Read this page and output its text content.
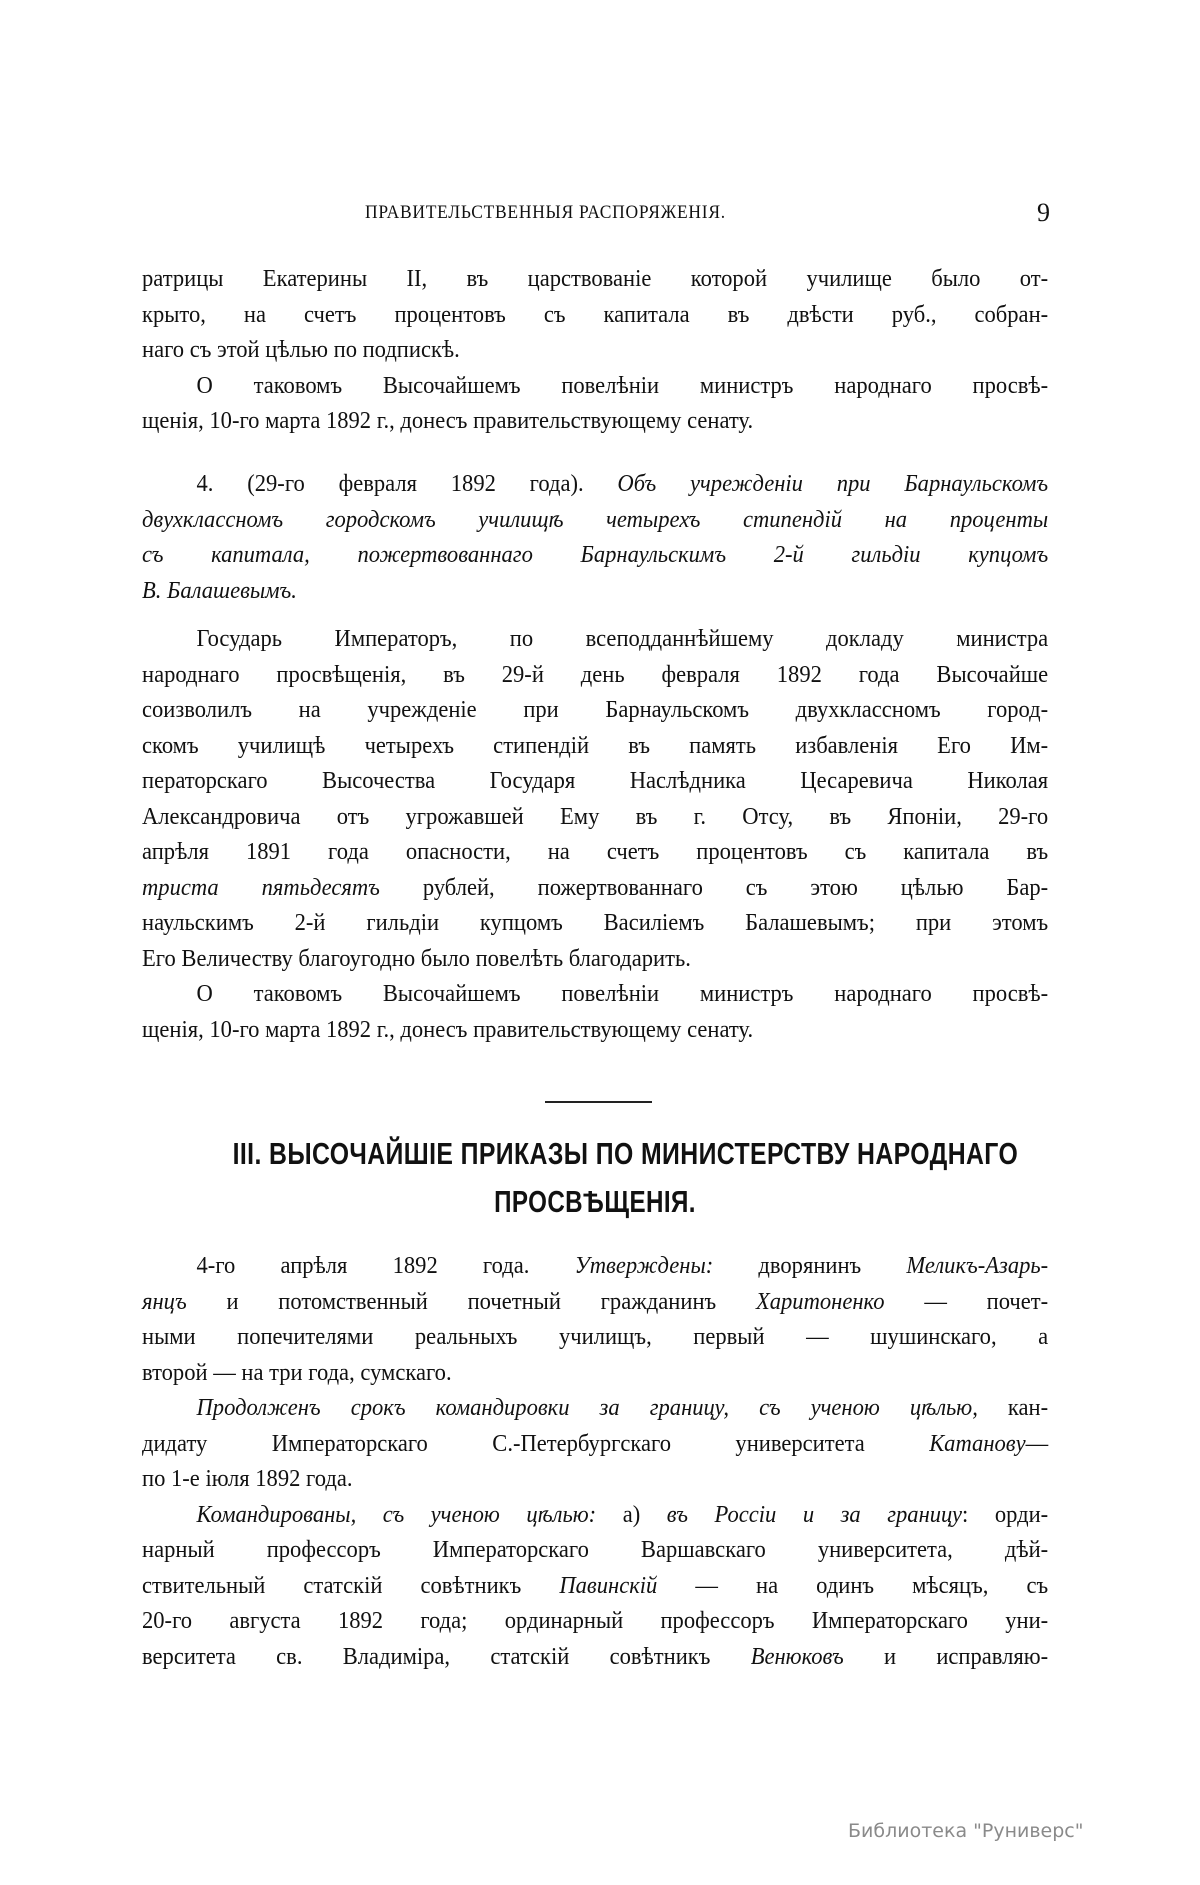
ПРАВИТЕЛЬСТВЕННЫЯ РАСПОРЯЖЕНІЯ.	9
ратрицы Екатерины II, въ царствованіе которой училище было от-
крыто, на счетъ процентовъ съ капитала въ двѣсти руб., собран-
наго съ этой цѣлью по подпискѣ.
О таковомъ Высочайшемъ повелѣніи министръ народнаго просвѣ-
щенія, 10-го марта 1892 г., донесъ правительствующему сенату.
4. (29-го февраля 1892 года). Объ учрежденіи при Барнаульскомъ
двухклассномъ городскомъ училищѣ четырехъ стипендій на проценты
съ капитала, пожертвованнаго Барнаульскимъ 2-й гильдіи купцомъ
В. Балашевымъ.
Государь Императоръ, по всеподданнѣйшему докладу министра
народнаго просвѣщенія, въ 29-й день февраля 1892 года Высочайше
соизволилъ на учрежденіе при Барнаульскомъ двухклассномъ город-
скомъ училищѣ четырехъ стипендій въ память избавленія Его Им-
ператорскаго Высочества Государя Наслѣдника Цесаревича Николая
Александровича отъ угрожавшей Ему въ г. Отсу, въ Японіи, 29-го
апрѣля 1891 года опасности, на счетъ процентовъ съ капитала въ
триста пятьдесятъ рублей, пожертвованнаго съ этою цѣлью Бар-
наульскимъ 2-й гильдіи купцомъ Василіемъ Балашевымъ; при этомъ
Его Величеству благоугодно было повелѣть благодарить.
О таковомъ Высочайшемъ повелѣніи министръ народнаго просвѣ-
щенія, 10-го марта 1892 г., донесъ правительствующему сенату.
III. ВЫСОЧАЙШІЕ ПРИКАЗЫ ПО МИНИСТЕРСТВУ НАРОДНАГО
ПРОСВѢЩЕНІЯ.
4-го апрѣля 1892 года. Утверждены: дворянинъ Меликъ-Азарь-
янцъ и потомственный почетный гражданинъ Харитоненко — почет-
ными попечителями реальныхъ училищъ, первый — шушинскаго, а
второй — на три года, сумскаго.
Продолженъ срокъ командировки за границу, съ ученою цѣлью, кан-
дидату Императорскаго С.-Петербургскаго университета Катанову—
по 1-е іюля 1892 года.
Командированы, съ ученою цѣлью: а) въ Россіи и за границу: орди-
нарный профессоръ Императорскаго Варшавскаго университета, дѣй-
ствительный статскій совѣтникъ Павинскій — на одинъ мѣсяцъ, съ
20-го августа 1892 года; ординарный профессоръ Императорскаго уни-
верситета св. Владиміра, статскій совѣтникъ Венюковъ и исправляю-
Библиотека "Руниверс"
